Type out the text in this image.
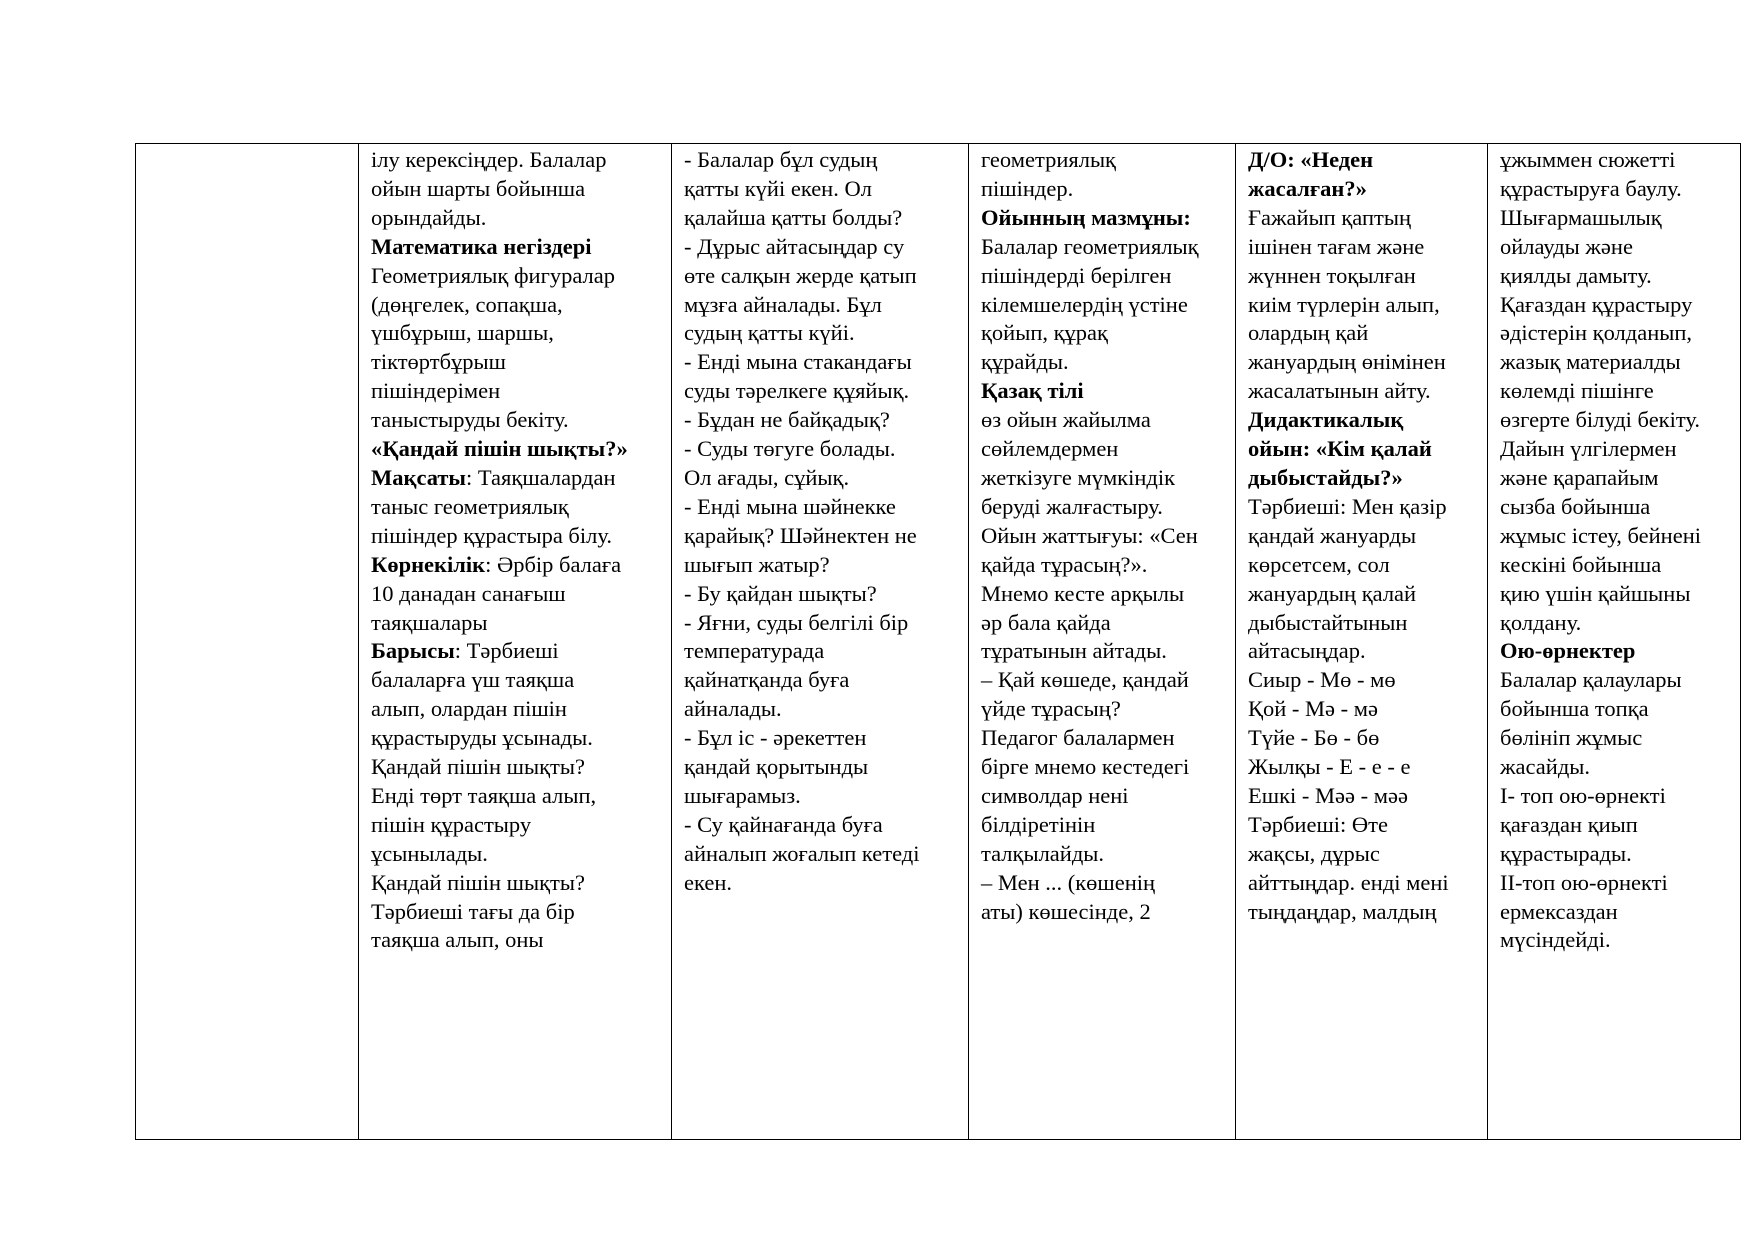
ілу керексіңдер. Балалар
ойын шарты бойынша
орындайды.
Математика негіздері
Геометриялық фигуралар
(дөңгелек, сопақша,
үшбұрыш, шаршы,
тіктөртбұрыш
пішіндерімен
таныстыруды бекіту.
«Қандай пішін шықты?»
Мақсаты: Таяқшалардан
таныс геометриялық
пішіндер құрастыра білу.
Көрнекілік: Әрбір балаға
10 данадан санағыш
таяқшалары
Барысы: Тәрбиеші
балаларға үш таяқша
алып, олардан пішін
құрастыруды ұсынады.
Қандай пішін шықты?
Енді төрт таяқша алып,
пішін құрастыру
ұсынылады.
Қандай пішін шықты?
Тәрбиеші тағы да бір
таяқша алып, оны

- Балалар бұл судың
қатты күйі екен. Ол
қалайша қатты болды?
- Дұрыс айтасыңдар су
өте салқын жерде қатып
мұзға айналады. Бұл
судың қатты күйі.
- Енді мына стакандағы
суды тәрелкеге құяйық.
- Бұдан не байқадық?
- Суды төгуге болады.
Ол ағады, сұйық.
- Енді мына шәйнекке
қарайық? Шәйнектен не
шығып жатыр?
- Бу қайдан шықты?
- Яғни, суды белгілі бір
температурада
қайнатқанда буға
айналады.
- Бұл іс - әрекеттен
қандай қорытынды
шығарамыз.
- Су қайнағанда буға
айналып жоғалып кетеді
екен.

геометриялық
пішіндер.
Ойынның мазмұны:
Балалар геометриялық
пішіндерді берілген
кілемшелердің үстіне
қойып, құрақ
құрайды.
Қазақ тілі
өз ойын жайылма
сөйлемдермен
жеткізуге мүмкіндік
беруді жалғастыру.
Ойын жаттығуы: «Сен
қайда тұрасың?».
Мнемо кесте арқылы
әр бала қайда
тұратынын айтады.
– Қай көшеде, қандай
үйде тұрасың?
Педагог балалармен
бірге мнемо кестедегі
символдар нені
білдіретінін
талқылайды.
– Мен ... (көшенің
аты) көшесінде, 2

Д/О: «Неден
жасалған?»
Ғажайып қаптың
ішінен тағам және
жүннен тоқылған
киім түрлерін алып,
олардың қай
жануардың өнімінен
жасалатынын айту.
Дидактикалық
ойын: «Кім қалай
дыбыстайды?»
Тәрбиеші: Мен қазір
қандай жануарды
көрсетсем, сол
жануардың қалай
дыбыстайтынын
айтасыңдар.
Сиыр - Мө - мө
Қой - Мә - мә
Түйе - Бө - бө
Жылқы - Е - е - е
Ешкі - Мәә - мәә
Тәрбиеші: Өте
жақсы, дұрыс
айттыңдар. енді мені
тыңдаңдар, малдың

ұжыммен сюжетті
құрастыруға баулу.
Шығармашылық
ойлауды және
қиялды дамыту.
Қағаздан құрастыру
әдістерін қолданып,
жазық материалды
көлемді пішінге
өзгерте білуді бекіту.
Дайын үлгілермен
және қарапайым
сызба бойынша
жұмыс істеу, бейнені
кескіні бойынша
қию үшін қайшыны
қолдану.
Ою-өрнектер
Балалар қалаулары
бойынша топқа
бөлініп жұмыс
жасайды.
І- топ ою-өрнекті
қағаздан қиып
құрастырады.
ІІ-топ ою-өрнекті
ермексаздан
мүсіндейді.
